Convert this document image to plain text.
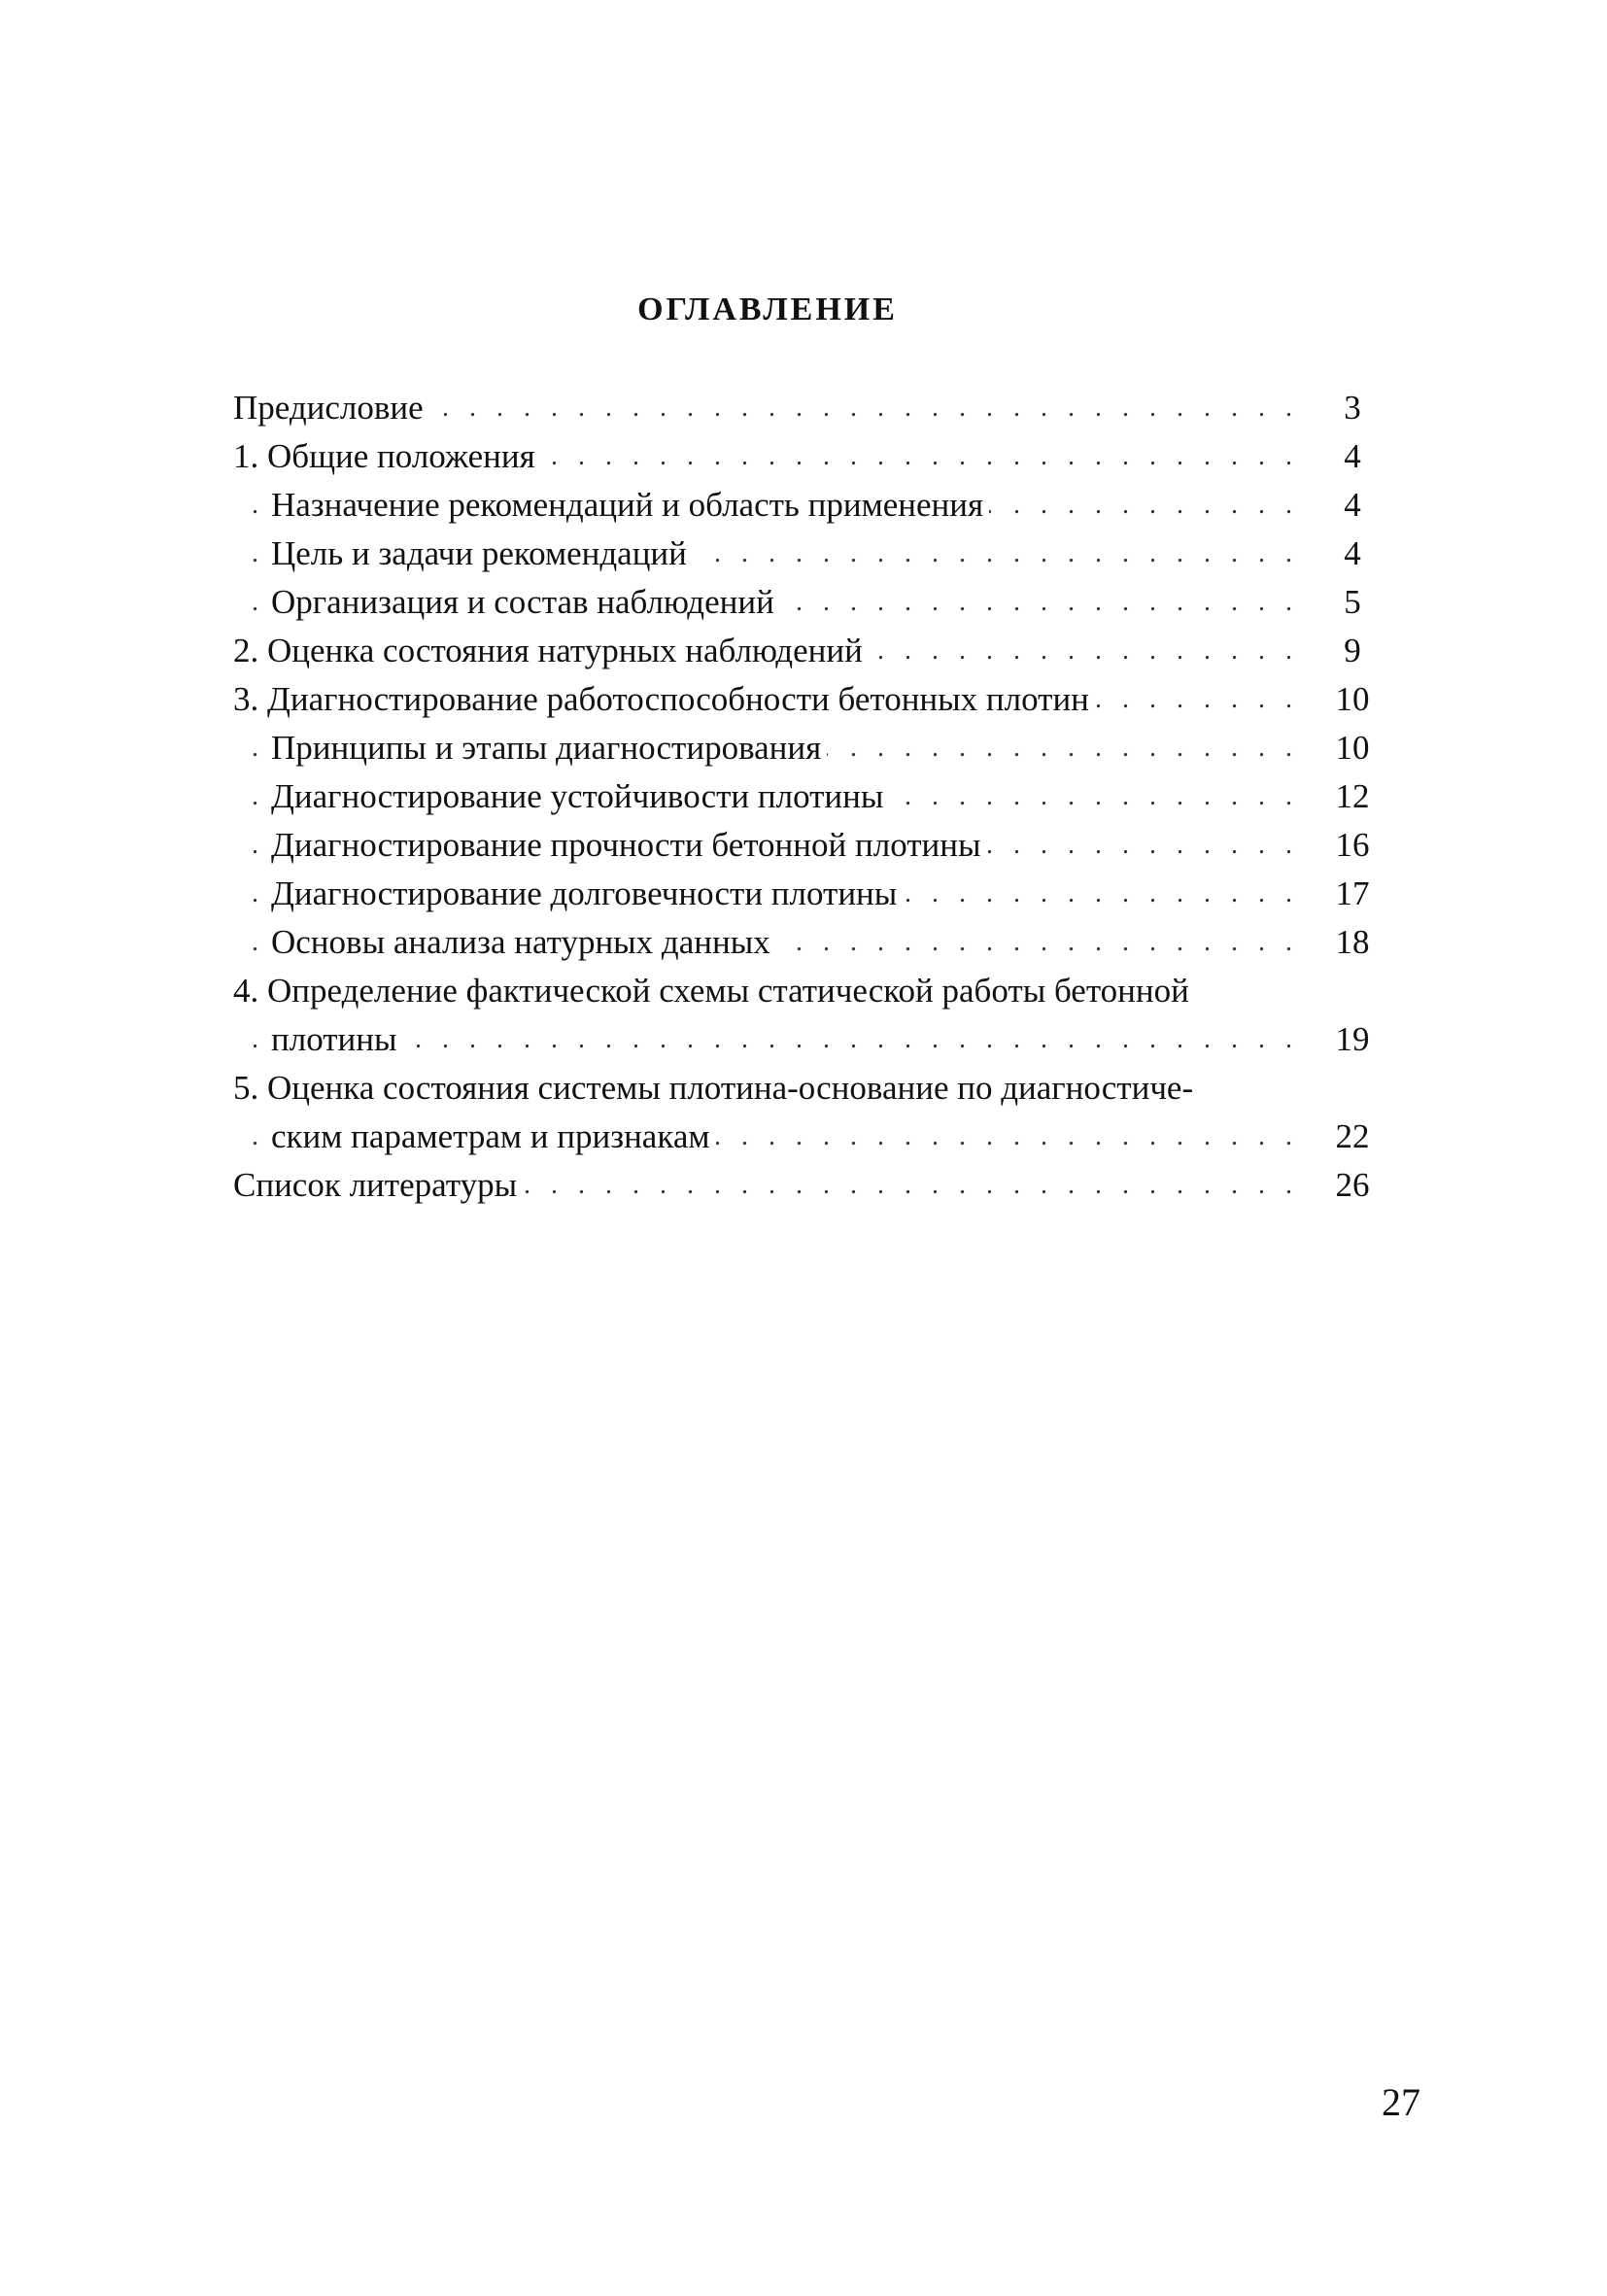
ОГЛАВЛЕНИЕ
. .
Предисловие	3
. .
1. Общие положения	4
. .
Назначение рекомендаций и область применения	4
. .
Цель и задачи рекомендаций	4
. .
Организация и состав наблюдений	5
. .
2. Оценка состояния натурных наблюдений	9
. .
3. Диагностирование работоспособности бетонных плотин	10
. .
Принципы и этапы диагностирования	10
. .
Диагностирование устойчивости плотины	12
. .
Диагностирование прочности бетонной плотины	16
. .
Диагностирование долговечности плотины	17
. .
Основы анализа натурных данных	18
4. Определение фактической схемы статической работы бетонной
. .
плотины	19
5. Оценка состояния системы плотина-основание по диагностиче-
. .
ским параметрам и признакам	22
. .
Список литературы	26
27
